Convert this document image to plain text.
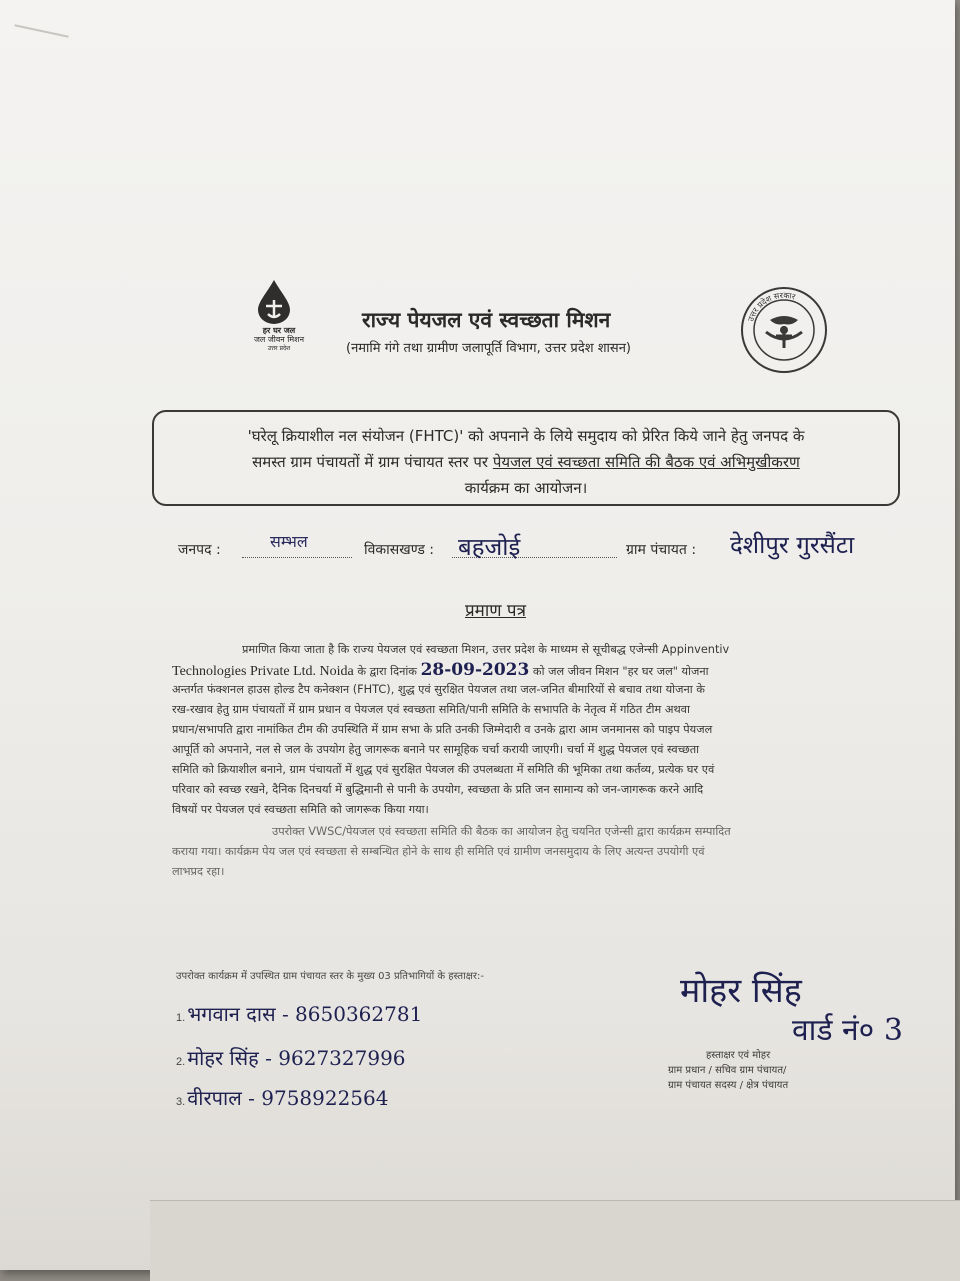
हर घर जल
जल जीवन मिशन
उत्तर प्रदेश
उत्तर प्रदेश सरकार
राज्य पेयजल एवं स्वच्छता मिशन
(नमामि गंगे तथा ग्रामीण जलापूर्ति विभाग, उत्तर प्रदेश शासन)
'घरेलू क्रियाशील नल संयोजन (FHTC)' को अपनाने के लिये समुदाय को प्रेरित किये जाने हेतु जनपद के
समस्त ग्राम पंचायतों में ग्राम पंचायत स्तर पर पेयजल एवं स्वच्छता समिति की बैठक एवं अभिमुखीकरण
कार्यक्रम का आयोजन।
जनपद :	सम्भल	विकासखण्ड : बहजोई	ग्राम पंचायत : देशीपुर गुरसैंटा
प्रमाण पत्र
प्रमाणित किया जाता है कि राज्य पेयजल एवं स्वच्छता मिशन, उत्तर प्रदेश के माध्यम से सूचीबद्ध एजेन्सी Appinventiv
Technologies Private Ltd. Noida के द्वारा दिनांक 28-09-2023 को जल जीवन मिशन "हर घर जल" योजना
अन्तर्गत फंक्शनल हाउस होल्ड टैप कनेक्शन (FHTC), शुद्ध एवं सुरक्षित पेयजल तथा जल-जनित बीमारियों से बचाव तथा योजना के
रख-रखाव हेतु ग्राम पंचायतों में ग्राम प्रधान व पेयजल एवं स्वच्छता समिति/पानी समिति के सभापति के नेतृत्व में गठित टीम अथवा
प्रधान/सभापति द्वारा नामांकित टीम की उपस्थिति में ग्राम सभा के प्रति उनकी जिम्मेदारी व उनके द्वारा आम जनमानस को पाइप पेयजल
आपूर्ति को अपनाने, नल से जल के उपयोग हेतु जागरूक बनाने पर सामूहिक चर्चा करायी जाएगी। चर्चा में शुद्ध पेयजल एवं स्वच्छता
समिति को क्रियाशील बनाने, ग्राम पंचायतों में शुद्ध एवं सुरक्षित पेयजल की उपलब्धता में समिति की भूमिका तथा कर्तव्य, प्रत्येक घर एवं
परिवार को स्वच्छ रखने, दैनिक दिनचर्या में बुद्धिमानी से पानी के उपयोग, स्वच्छता के प्रति जन सामान्य को जन-जागरूक करने आदि
विषयों पर पेयजल एवं स्वच्छता समिति को जागरूक किया गया।
उपरोक्त VWSC/पेयजल एवं स्वच्छता समिति की बैठक का आयोजन हेतु चयनित एजेन्सी द्वारा कार्यक्रम सम्पादित
कराया गया। कार्यक्रम पेय जल एवं स्वच्छता से सम्बन्धित होने के साथ ही समिति एवं ग्रामीण जनसमुदाय के लिए अत्यन्त उपयोगी एवं
लाभप्रद रहा।
उपरोक्त कार्यक्रम में उपस्थित ग्राम पंचायत स्तर के मुख्य 03 प्रतिभागियों के हस्ताक्षर:-
1. भगवान दास - 8650362781
2. मोहर सिंह - 9627327996
3. वीरपाल - 9758922564
मोहर सिंह
वार्ड नं० 3
हस्ताक्षर एवं मोहर
ग्राम प्रधान / सचिव ग्राम पंचायत/
ग्राम पंचायत सदस्य / क्षेत्र पंचायत
